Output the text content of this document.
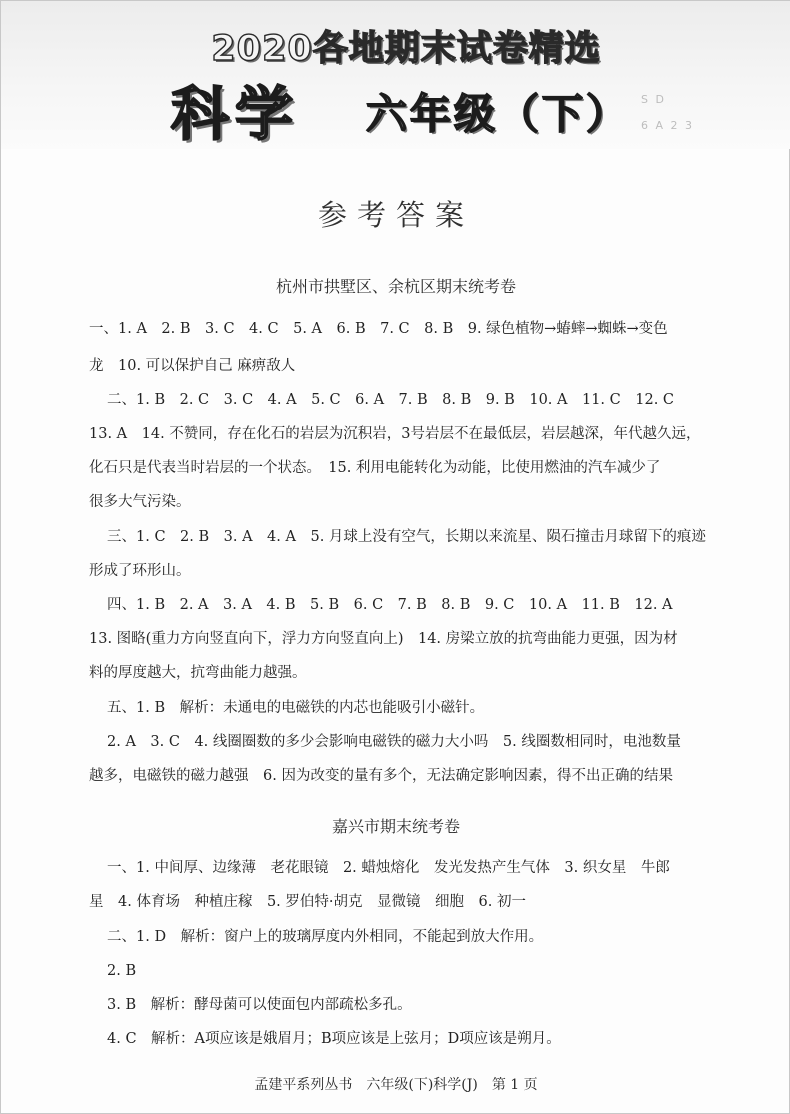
2020各地期末试卷精选
科学 六年级（下） S D
6 A 2 3
参考答案
杭州市拱墅区、余杭区期末统考卷
一、1. A　2. B　3. C　4. C　5. A　6. B　7. C　8. B　9. 绿色植物→蝽蟀→蜘蛛→变色
龙　10. 可以保护自己 麻痹敌人
二、1. B　2. C　3. C　4. A　5. C　6. A　7. B　8. B　9. B　10. A　11. C　12. C
13. A　14. 不赞同，存在化石的岩层为沉积岩，3号岩层不在最低层，岩层越深，年代越久远，
化石只是代表当时岩层的一个状态。　15. 利用电能转化为动能，比使用燃油的汽车减少了
很多大气污染。
三、1. C　2. B　3. A　4. A　5. 月球上没有空气，长期以来流星、陨石撞击月球留下的痕迹
形成了环形山。
四、1. B　2. A　3. A　4. B　5. B　6. C　7. B　8. B　9. C　10. A　11. B　12. A
13. 图略(重力方向竖直向下，浮力方向竖直向上)　14. 房梁立放的抗弯曲能力更强，因为材
料的厚度越大，抗弯曲能力越强。
五、1. B　解析：未通电的电磁铁的内芯也能吸引小磁针。
2. A　3. C　4. 线圈圈数的多少会影响电磁铁的磁力大小吗　5. 线圈数相同时，电池数量
越多，电磁铁的磁力越强　6. 因为改变的量有多个，无法确定影响因素，得不出正确的结果
嘉兴市期末统考卷
一、1. 中间厚、边缘薄　老花眼镜　2. 蜡烛熔化　发光发热产生气体　3. 织女星　牛郎
星　4. 体育场　种植庄稼　5. 罗伯特·胡克　显微镜　细胞　6. 初一
二、1. D　解析：窗户上的玻璃厚度内外相同，不能起到放大作用。
2. B
3. B　解析：酵母菌可以使面包内部疏松多孔。
4. C　解析：A项应该是娥眉月；B项应该是上弦月；D项应该是朔月。
孟建平系列丛书　六年级(下)科学(J)　第 1 页
